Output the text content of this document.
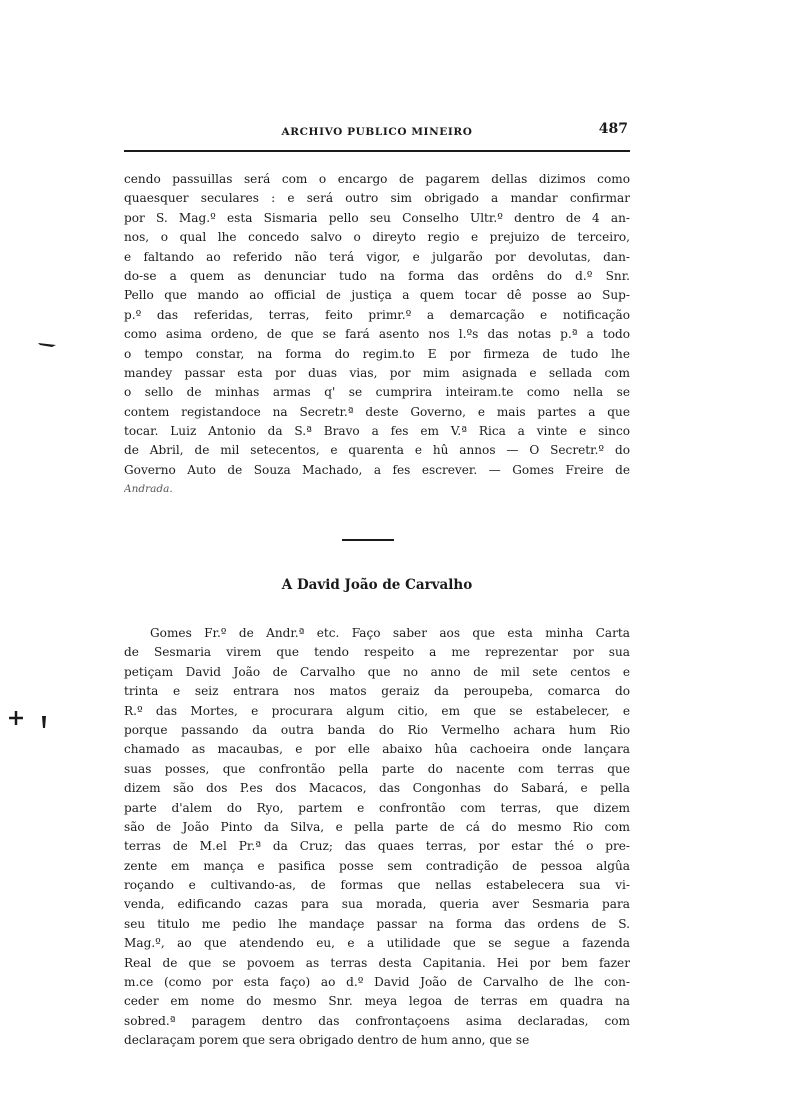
ARCHIVO PUBLICO MINEIRO	487
cendo passuillas será com o encargo de pagarem dellas dizimos como
quaesquer seculares : e será outro sim obrigado a mandar confirmar
por S. Mag.º esta Sismaria pello seu Conselho Ultr.º dentro de 4 an-
nos, o qual lhe concedo salvo o direyto regio e prejuizo de terceiro,
e faltando ao referido não terá vigor, e julgarão por devolutas, dan-
do-se a quem as denunciar tudo na forma das ordêns do d.º Snr.
Pello que mando ao official de justiça a quem tocar dê posse ao Sup-
p.º das referidas, terras, feito primr.º a demarcação e notificação
como asima ordeno, de que se fará asento nos l.ºs das notas p.ª a todo
o tempo constar, na forma do regim.to E por firmeza de tudo lhe
mandey passar esta por duas vias, por mim asignada e sellada com
o sello de minhas armas q' se cumprira inteiram.te como nella se
contem registandoce na Secretr.ª deste Governo, e mais partes a que
tocar. Luiz Antonio da S.ª Bravo a fes em V.ª Rica a vinte e sinco
de Abril, de mil setecentos, e quarenta e hû annos — O Secretr.º do
Governo Auto de Souza Machado, a fes escrever. — Gomes Freire de
Andrada.
A David João de Carvalho
Gomes Fr.º de Andr.ª etc. Faço saber aos que esta minha Carta
de Sesmaria virem que tendo respeito a me reprezentar por sua
petiçam David João de Carvalho que no anno de mil sete centos e
trinta e seiz entrara nos matos geraiz da peroupeba, comarca do
R.º das Mortes, e procurara algum citio, em que se estabelecer, e
porque passando da outra banda do Rio Vermelho achara hum Rio
chamado as macaubas, e por elle abaixo hûa cachoeira onde lançara
suas posses, que confrontão pella parte do nacente com terras que
dizem são dos P.es dos Macacos, das Congonhas do Sabará, e pella
parte d'alem do Ryo, partem e confrontão com terras, que dizem
são de João Pinto da Silva, e pella parte de cá do mesmo Rio com
terras de M.el Pr.ª da Cruz; das quaes terras, por estar thé o pre-
zente em mança e pasifica posse sem contradição de pessoa algûa
roçando e cultivando-as, de formas que nellas estabelecera sua vi-
venda, edificando cazas para sua morada, queria aver Sesmaria para
seu titulo me pedio lhe mandaçe passar na forma das ordens de S.
Mag.º, ao que atendendo eu, e a utilidade que se segue a fazenda
Real de que se povoem as terras desta Capitania. Hei por bem fazer
m.ce (como por esta faço) ao d.º David João de Carvalho de lhe con-
ceder em nome do mesmo Snr. meya legoa de terras em quadra na
sobred.ª paragem dentro das confrontaçoens asima declaradas, com
declaraçam porem que sera obrigado dentro de hum anno, que se
